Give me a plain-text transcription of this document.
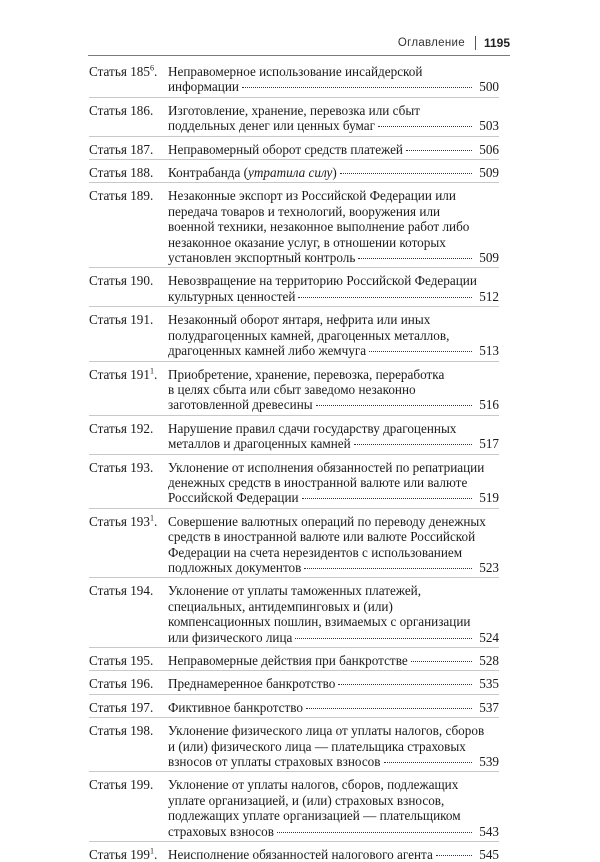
Оглавление 1195
Статья $185^6$. Неправомерное использование инсайдерской
информации	500
Статья 186.	Изготовление, хранение, перевозка или сбыт
поддельных денег или ценных бумаг	503
Статья 187.	Неправомерный оборот средств платежей	506
Статья 188.	Контрабанда (утратила силу)	509
Статья 189.	Незаконные экспорт из Российской Федерации или
передача товаров и технологий, вооружения или
военной техники, незаконное выполнение работ либо
незаконное оказание услуг, в отношении которых
установлен экспортный контроль	509
Статья 190.	Невозвращение на территорию Российской Федерации
культурных ценностей	512
Статья 191.	Незаконный оборот янтаря, нефрита или иных
полудрагоценных камней, драгоценных металлов,
драгоценных камней либо жемчуга	513
Статья $191^1$. Приобретение, хранение, перевозка, переработка
в целях сбыта или сбыт заведомо незаконно
заготовленной древесины	516
Статья 192.	Нарушение правил сдачи государству драгоценных
металлов и драгоценных камней	517
Статья 193.	Уклонение от исполнения обязанностей по репатриации
денежных средств в иностранной валюте или валюте
Российской Федерации	519
Статья $193^1$. Совершение валютных операций по переводу денежных
средств в иностранной валюте или валюте Российской
Федерации на счета нерезидентов с использованием
подложных документов	523
Статья 194.	Уклонение от уплаты таможенных платежей,
специальных, антидемпинговых и (или)
компенсационных пошлин, взимаемых с организации
или физического лица	524
Статья 195.	Неправомерные действия при банкротстве	528
Статья 196.	Преднамеренное банкротство	535
Статья 197.	Фиктивное банкротство	537
Статья 198.	Уклонение физического лица от уплаты налогов, сборов
и (или) физического лица — плательщика страховых
взносов от уплаты страховых взносов	539
Статья 199.	Уклонение от уплаты налогов, сборов, подлежащих
уплате организацией, и (или) страховых взносов,
подлежащих уплате организацией — плательщиком
страховых взносов	543
Статья $199^1$. Неисполнение обязанностей налогового агента	545
